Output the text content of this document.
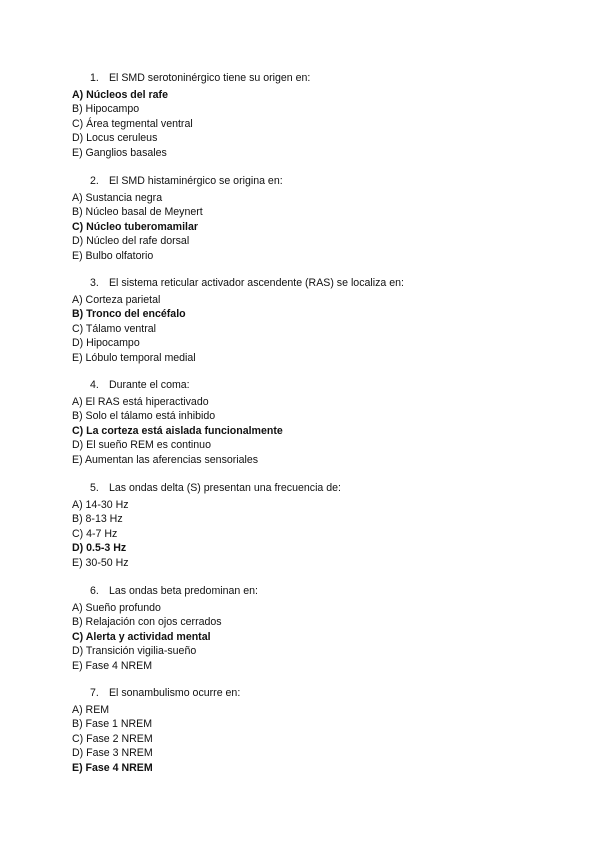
1. El SMD serotoninérgico tiene su origen en:
A) Núcleos del rafe
B) Hipocampo
C) Área tegmental ventral
D) Locus ceruleus
E) Ganglios basales
2. El SMD histaminérgico se origina en:
A) Sustancia negra
B) Núcleo basal de Meynert
C) Núcleo tuberomamilar
D) Núcleo del rafe dorsal
E) Bulbo olfatorio
3. El sistema reticular activador ascendente (RAS) se localiza en:
A) Corteza parietal
B) Tronco del encéfalo
C) Tálamo ventral
D) Hipocampo
E) Lóbulo temporal medial
4. Durante el coma:
A) El RAS está hiperactivado
B) Solo el tálamo está inhibido
C) La corteza está aislada funcionalmente
D) El sueño REM es continuo
E) Aumentan las aferencias sensoriales
5. Las ondas delta (S) presentan una frecuencia de:
A) 14-30 Hz
B) 8-13 Hz
C) 4-7 Hz
D) 0.5-3 Hz
E) 30-50 Hz
6. Las ondas beta predominan en:
A) Sueño profundo
B) Relajación con ojos cerrados
C) Alerta y actividad mental
D) Transición vigilia-sueño
E) Fase 4 NREM
7. El sonambulismo ocurre en:
A) REM
B) Fase 1 NREM
C) Fase 2 NREM
D) Fase 3 NREM
E) Fase 4 NREM
